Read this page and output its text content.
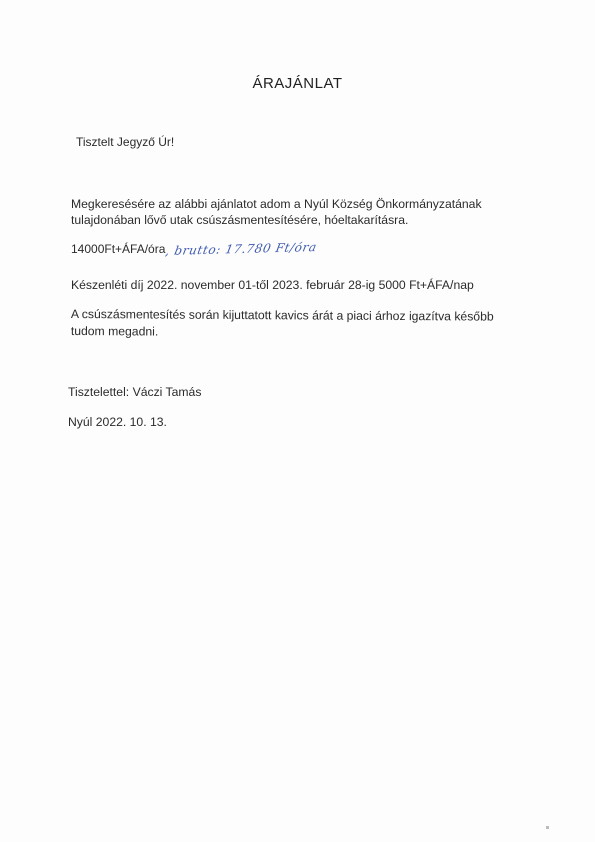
ÁRAJÁNLAT
Tisztelt Jegyző Úr!
Megkeresésére az alábbi ajánlatot adom a Nyúl Község Önkormányzatának
tulajdonában lővő utak csúszásmentesítésére, hóeltakarításra.
14000Ft+ÁFA/óra, brutto: 17.780 Ft/óra
Készenléti díj 2022. november 01-től 2023. február 28-ig 5000 Ft+ÁFA/nap
A csúszásmentesítés során kijuttatott kavics árát a piaci árhoz igazítva később
tudom megadni.
Tisztelettel: Váczi Tamás
Nyúl 2022. 10. 13.
